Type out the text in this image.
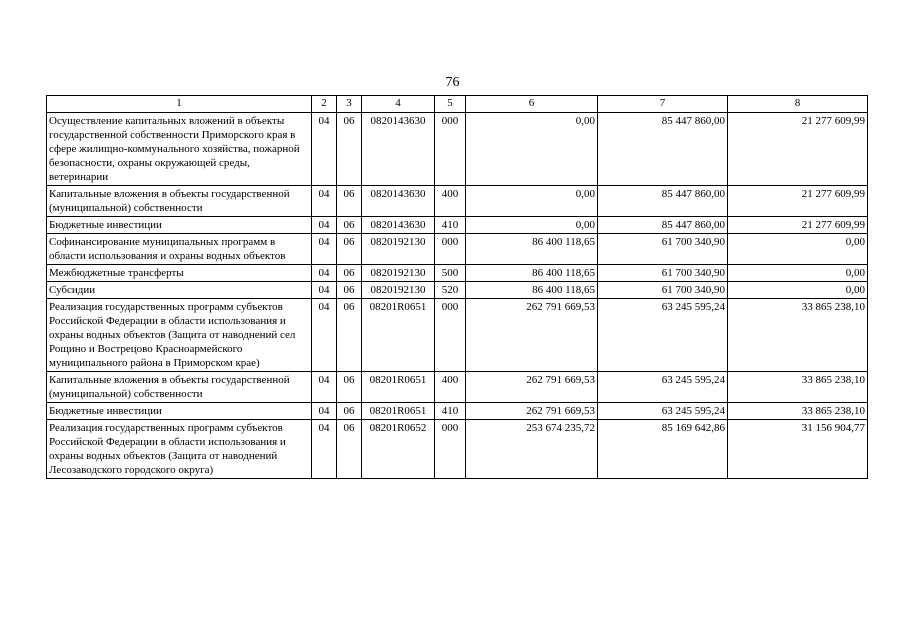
76
1	2	3	4	5	6	7	8
Осуществление капитальных вложений в объекты государственной собственности Приморского края в сфере жилищно-коммунального хозяйства, пожарной безопасности, охраны окружающей среды, ветеринарии	04	06	0820143630	000	0,00	85 447 860,00	21 277 609,99
Капитальные вложения в объекты государственной (муниципальной) собственности	04	06	0820143630	400	0,00	85 447 860,00	21 277 609,99
Бюджетные инвестиции	04	06	0820143630	410	0,00	85 447 860,00	21 277 609,99
Софинансирование муниципальных программ в области использования и охраны водных объектов	04	06	0820192130	000	86 400 118,65	61 700 340,90	0,00
Межбюджетные трансферты	04	06	0820192130	500	86 400 118,65	61 700 340,90	0,00
Субсидии	04	06	0820192130	520	86 400 118,65	61 700 340,90	0,00
Реализация государственных программ субъектов Российской Федерации в области использования и охраны водных объектов (Защита от наводнений сел Рощино и Вострецово Красноармейского муниципального района в Приморском крае)	04	06	08201R0651	000	262 791 669,53	63 245 595,24	33 865 238,10
Капитальные вложения в объекты государственной (муниципальной) собственности	04	06	08201R0651	400	262 791 669,53	63 245 595,24	33 865 238,10
Бюджетные инвестиции	04	06	08201R0651	410	262 791 669,53	63 245 595,24	33 865 238,10
Реализация государственных программ субъектов Российской Федерации в области использования и охраны водных объектов (Защита от наводнений Лесозаводского городского округа)	04	06	08201R0652	000	253 674 235,72	85 169 642,86	31 156 904,77
